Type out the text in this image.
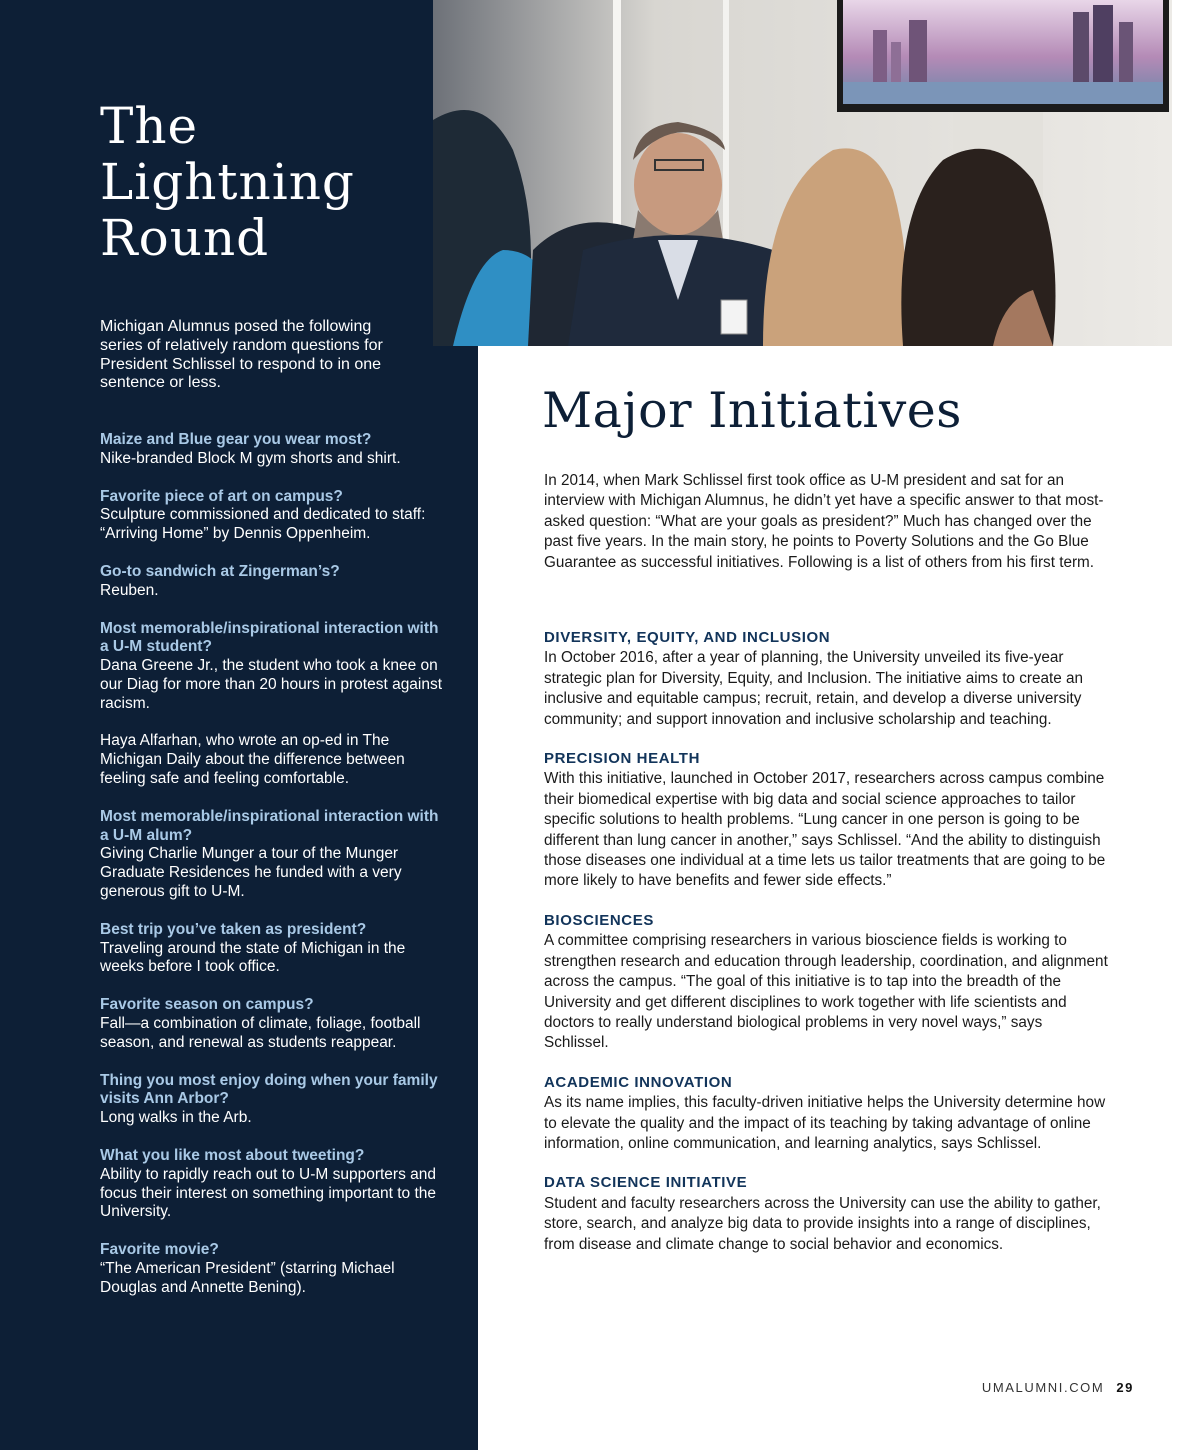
The
Lightning
Round

Michigan Alumnus posed the following series of relatively random questions for President Schlissel to respond to in one sentence or less.

Maize and Blue gear you wear most?

Nike-branded Block M gym shorts and shirt.

Favorite piece of art on campus?

Sculpture commissioned and dedicated to staff: “Arriving Home” by Dennis Oppenheim.

Go-to sandwich at Zingerman’s?

Reuben.

Most memorable/inspirational interaction with a U-M student?

Dana Greene Jr., the student who took a knee on our Diag for more than 20 hours in protest against racism.

Haya Alfarhan, who wrote an op-ed in The Michigan Daily about the difference between feeling safe and feeling comfortable.

Most memorable/inspirational interaction with a U-M alum?

Giving Charlie Munger a tour of the Munger Graduate Residences he funded with a very generous gift to U-M.

Best trip you’ve taken as president?

Traveling around the state of Michigan in the weeks before I took office.

Favorite season on campus?

Fall—a combination of climate, foliage, football season, and renewal as students reappear.

Thing you most enjoy doing when your family visits Ann Arbor?

Long walks in the Arb.

What you like most about tweeting?

Ability to rapidly reach out to U-M supporters and focus their interest on something important to the University.

Favorite movie?

“The American President” (starring Michael Douglas and Annette Bening).

Major Initiatives

In 2014, when Mark Schlissel first took office as U-M president and sat for an interview with Michigan Alumnus, he didn’t yet have a specific answer to that most-asked question: “What are your goals as president?” Much has changed over the past five years. In the main story, he points to Poverty Solutions and the Go Blue Guarantee as successful initiatives. Following is a list of others from his first term.

DIVERSITY, EQUITY, AND INCLUSION

In October 2016, after a year of planning, the University unveiled its five-year strategic plan for Diversity, Equity, and Inclusion. The initiative aims to create an inclusive and equitable campus; recruit, retain, and develop a diverse university community; and support innovation and inclusive scholarship and teaching.

PRECISION HEALTH

With this initiative, launched in October 2017, researchers across campus combine their biomedical expertise with big data and social science approaches to tailor specific solutions to health problems. “Lung cancer in one person is going to be different than lung cancer in another,” says Schlissel. “And the ability to distinguish those diseases one individual at a time lets us tailor treatments that are going to be more likely to have benefits and fewer side effects.”

BIOSCIENCES

A committee comprising researchers in various bioscience fields is working to strengthen research and education through leadership, coordination, and alignment across the campus. “The goal of this initiative is to tap into the breadth of the University and get different disciplines to work together with life scientists and doctors to really understand biological problems in very novel ways,” says Schlissel.

ACADEMIC INNOVATION

As its name implies, this faculty-driven initiative helps the University determine how to elevate the quality and the impact of its teaching by taking advantage of online information, online communication, and learning analytics, says Schlissel.

DATA SCIENCE INITIATIVE

Student and faculty researchers across the University can use the ability to gather, store, search, and analyze big data to provide insights into a range of disciplines, from disease and climate change to social behavior and economics.

UMALUMNI.COM 29
